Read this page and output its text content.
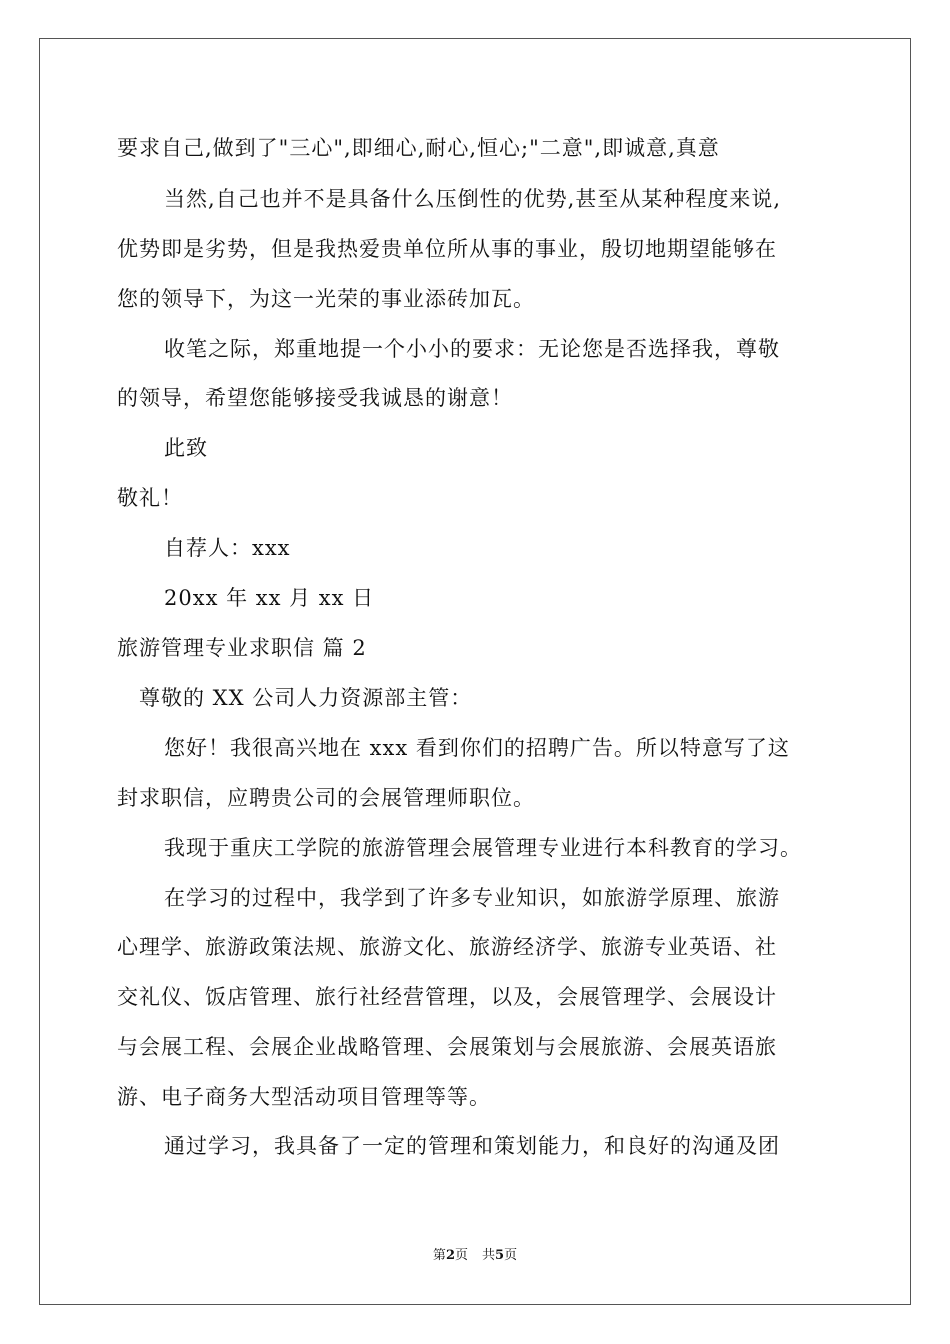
要求自己,做到了"三心",即细心,耐心,恒心;"二意",即诚意,真意
当然,自己也并不是具备什么压倒性的优势,甚至从某种程度来说,
优势即是劣势，但是我热爱贵单位所从事的事业，殷切地期望能够在
您的领导下，为这一光荣的事业添砖加瓦。
收笔之际，郑重地提一个小小的要求：无论您是否选择我，尊敬
的领导，希望您能够接受我诚恳的谢意！
此致
敬礼！
自荐人：xxx
20xx 年 xx 月 xx 日
旅游管理专业求职信 篇 2
尊敬的 XX 公司人力资源部主管：
您好！我很高兴地在 xxx 看到你们的招聘广告。所以特意写了这
封求职信，应聘贵公司的会展管理师职位。
我现于重庆工学院的旅游管理会展管理专业进行本科教育的学习。
在学习的过程中，我学到了许多专业知识，如旅游学原理、旅游
心理学、旅游政策法规、旅游文化、旅游经济学、旅游专业英语、社
交礼仪、饭店管理、旅行社经营管理，以及，会展管理学、会展设计
与会展工程、会展企业战略管理、会展策划与会展旅游、会展英语旅
游、电子商务大型活动项目管理等等。
通过学习，我具备了一定的管理和策划能力，和良好的沟通及团
第2页 共5页
